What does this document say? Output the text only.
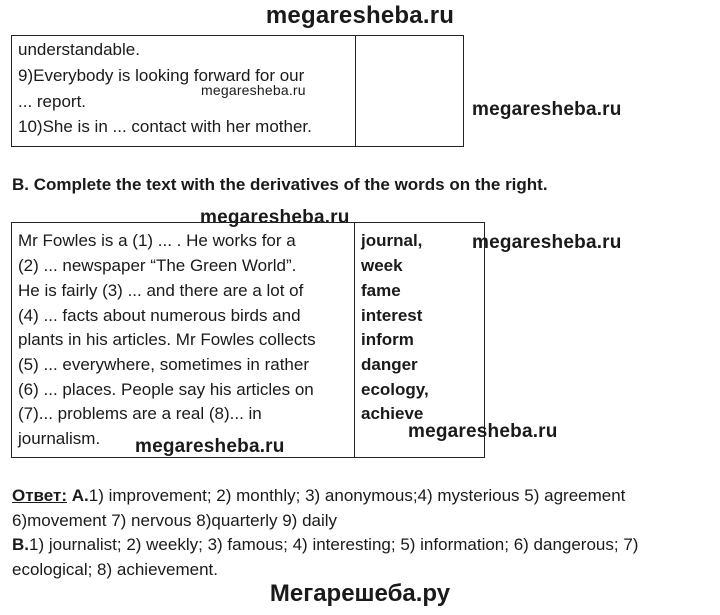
megaresheba.ru
understandable.
9)Everybody is looking forward for our
... report.
10)She is in ... contact with her mother.
megaresheba.ru
megaresheba.ru
B. Complete the text with the derivatives of the words on the right.
megaresheba.ru
Mr Fowles is a (1) ... . He works for a
(2) ... newspaper “The Green World”.
He is fairly (3) ... and there are a lot of
(4) ... facts about numerous birds and
plants in his articles. Mr Fowles collects
(5) ... everywhere, sometimes in rather
(6) ... places. People say his articles on
(7)... problems are a real (8)... in
journalism.
journal,
week
fame
interest
inform
danger
ecology,
achieve
megaresheba.ru
megaresheba.ru
megaresheba.ru
Ответ: A.1) improvement; 2) monthly; 3) anonymous;4) mysterious 5) agreement
6)movement 7) nervous 8)quarterly 9) daily
B.1) journalist; 2) weekly; 3) famous; 4) interesting; 5) information; 6) dangerous; 7)
ecological; 8) achievement.
Мегарешеба.ру
